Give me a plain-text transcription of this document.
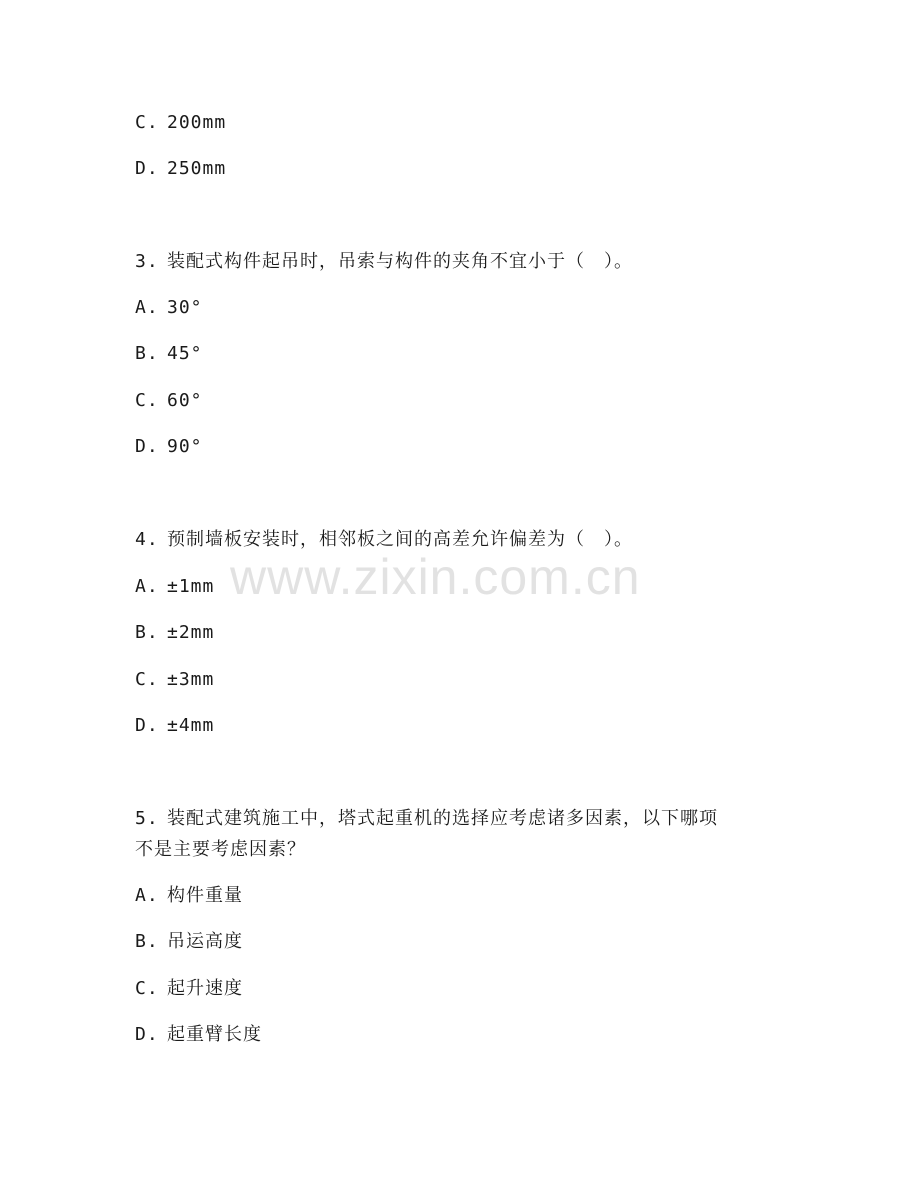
C. 200mm
D. 250mm
3. 装配式构件起吊时，吊索与构件的夹角不宜小于（　）。
A. 30°
B. 45°
C. 60°
D. 90°
4. 预制墙板安装时，相邻板之间的高差允许偏差为（　）。
A. ±1mm
B. ±2mm
C. ±3mm
D. ±4mm
5. 装配式建筑施工中，塔式起重机的选择应考虑诸多因素，以下哪项
不是主要考虑因素？
A. 构件重量
B. 吊运高度
C. 起升速度
D. 起重臂长度
www.zixin.com.cn
